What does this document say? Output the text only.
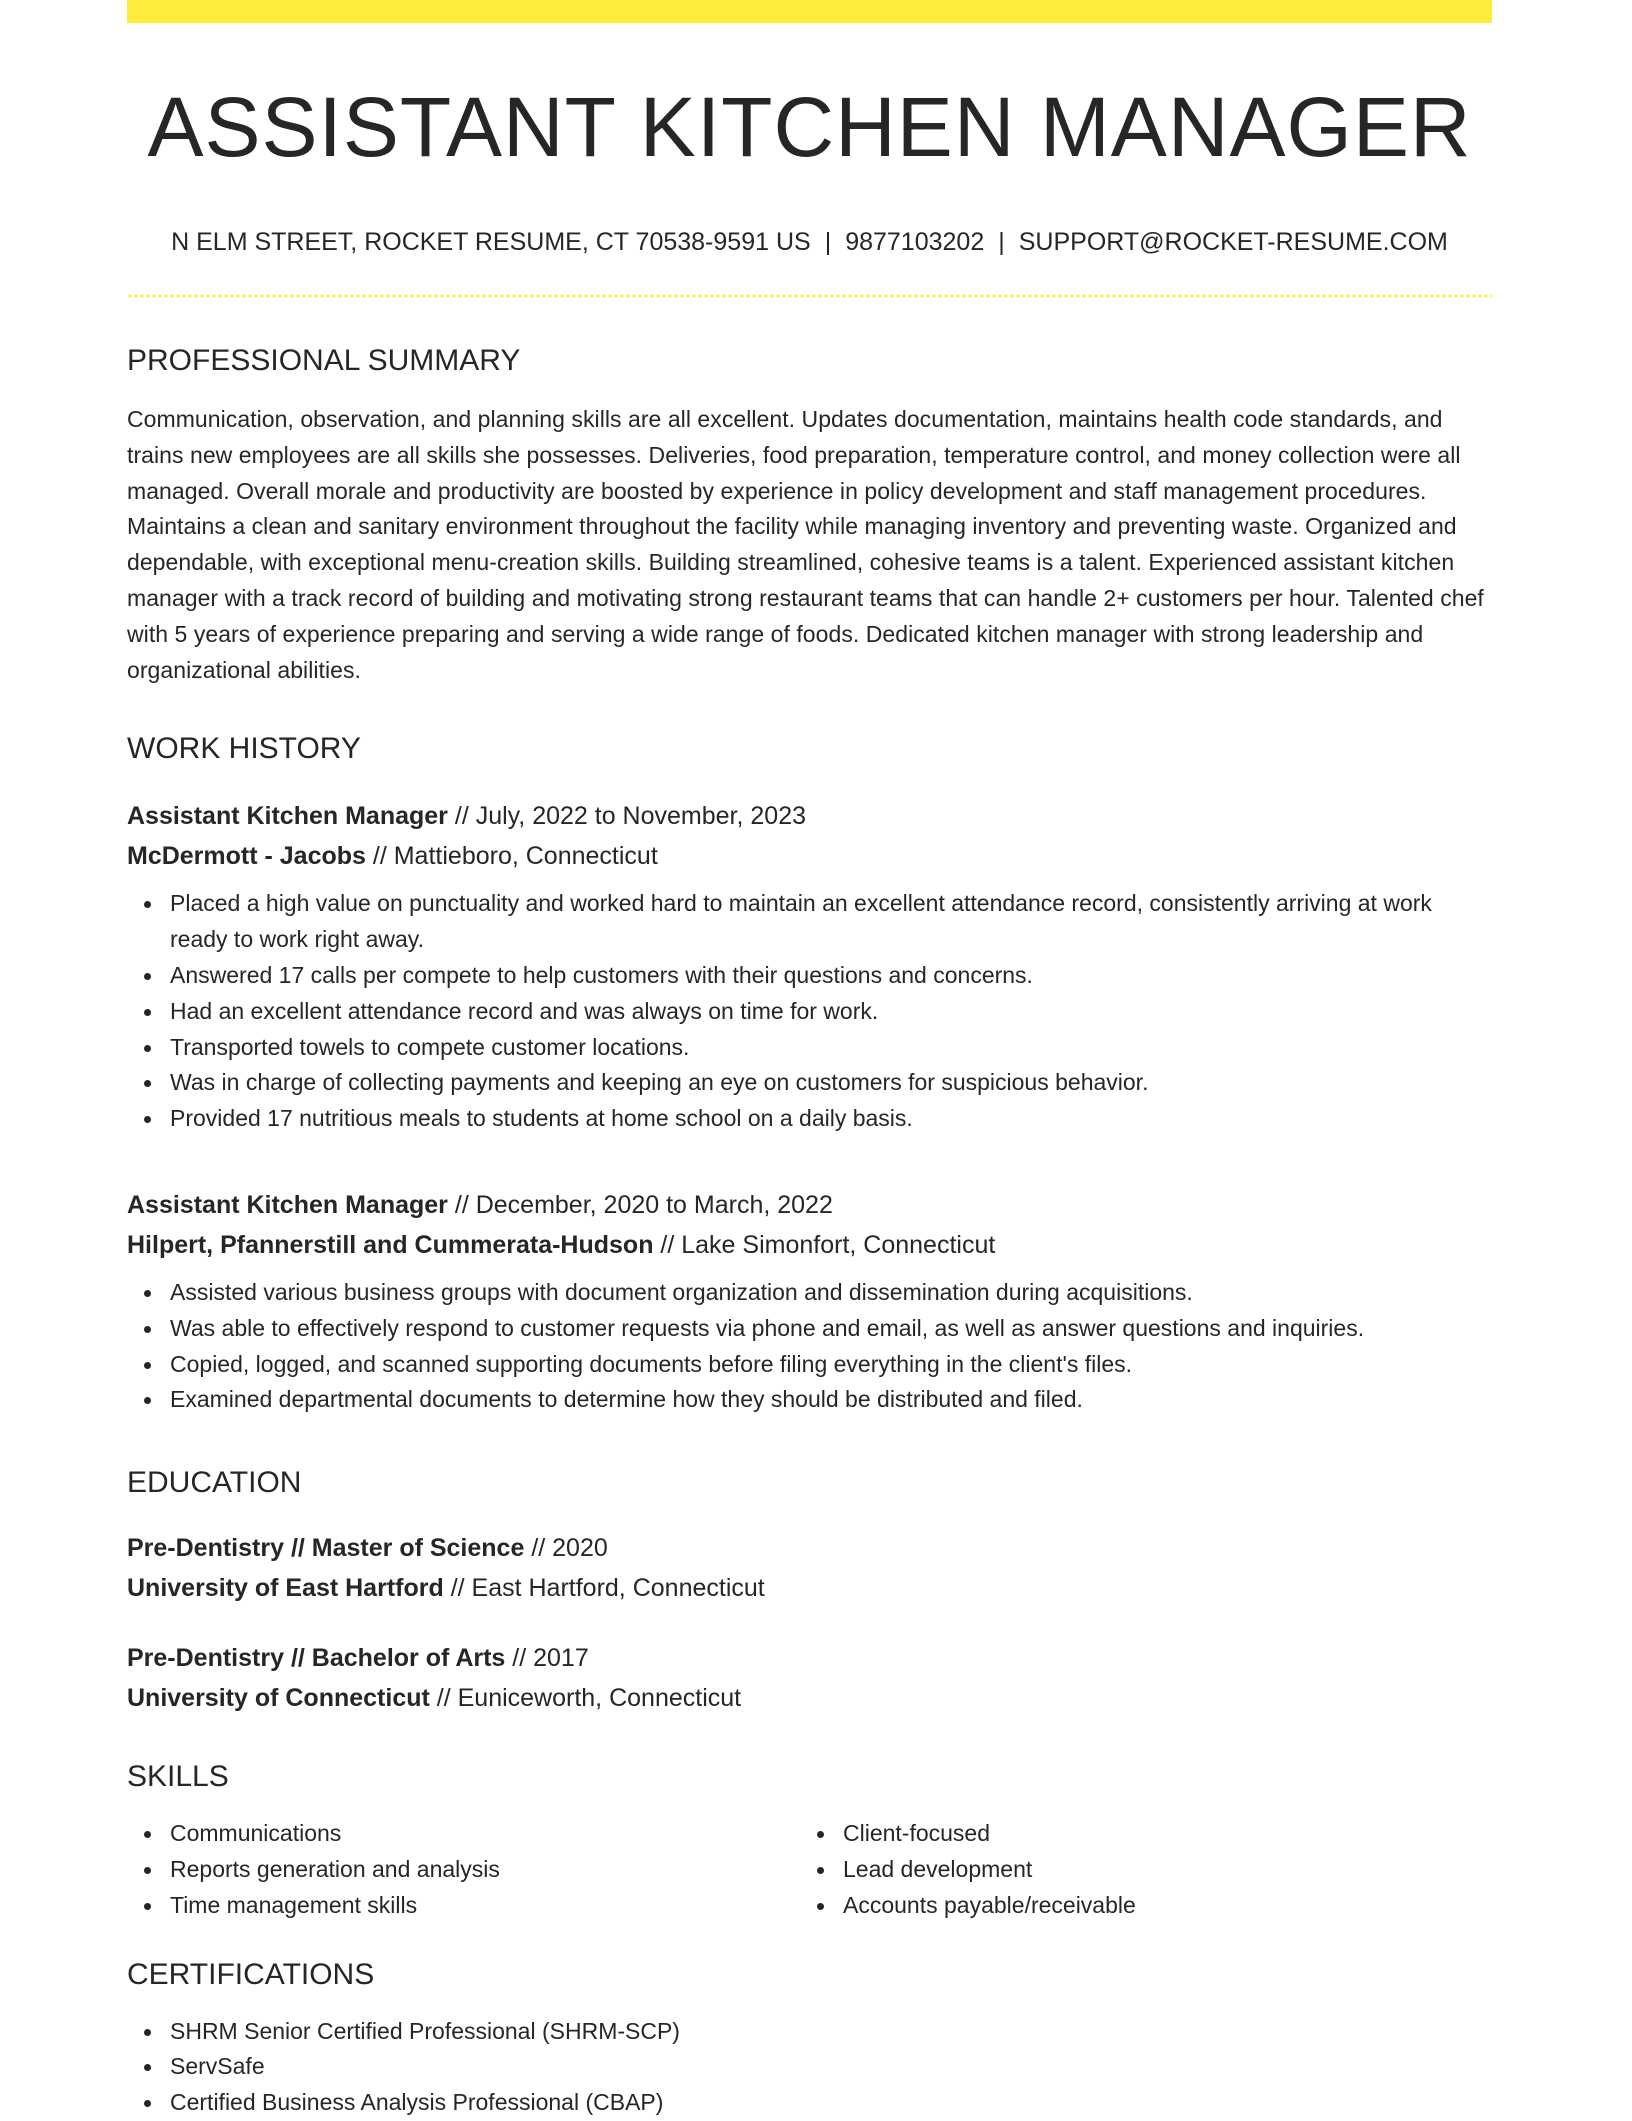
ASSISTANT KITCHEN MANAGER
N ELM STREET, ROCKET RESUME, CT 70538-9591 US | 9877103202 | SUPPORT@ROCKET-RESUME.COM
PROFESSIONAL SUMMARY
Communication, observation, and planning skills are all excellent. Updates documentation, maintains health code standards, and trains new employees are all skills she possesses. Deliveries, food preparation, temperature control, and money collection were all managed. Overall morale and productivity are boosted by experience in policy development and staff management procedures. Maintains a clean and sanitary environment throughout the facility while managing inventory and preventing waste. Organized and dependable, with exceptional menu-creation skills. Building streamlined, cohesive teams is a talent. Experienced assistant kitchen manager with a track record of building and motivating strong restaurant teams that can handle 2+ customers per hour. Talented chef with 5 years of experience preparing and serving a wide range of foods. Dedicated kitchen manager with strong leadership and organizational abilities.
WORK HISTORY
Assistant Kitchen Manager // July, 2022 to November, 2023
McDermott - Jacobs // Mattieboro, Connecticut
Placed a high value on punctuality and worked hard to maintain an excellent attendance record, consistently arriving at work ready to work right away.
Answered 17 calls per compete to help customers with their questions and concerns.
Had an excellent attendance record and was always on time for work.
Transported towels to compete customer locations.
Was in charge of collecting payments and keeping an eye on customers for suspicious behavior.
Provided 17 nutritious meals to students at home school on a daily basis.
Assistant Kitchen Manager // December, 2020 to March, 2022
Hilpert, Pfannerstill and Cummerata-Hudson // Lake Simonfort, Connecticut
Assisted various business groups with document organization and dissemination during acquisitions.
Was able to effectively respond to customer requests via phone and email, as well as answer questions and inquiries.
Copied, logged, and scanned supporting documents before filing everything in the client's files.
Examined departmental documents to determine how they should be distributed and filed.
EDUCATION
Pre-Dentistry // Master of Science // 2020
University of East Hartford // East Hartford, Connecticut
Pre-Dentistry // Bachelor of Arts // 2017
University of Connecticut // Euniceworth, Connecticut
SKILLS
Communications
Reports generation and analysis
Time management skills
Client-focused
Lead development
Accounts payable/receivable
CERTIFICATIONS
SHRM Senior Certified Professional (SHRM-SCP)
ServSafe
Certified Business Analysis Professional (CBAP)
